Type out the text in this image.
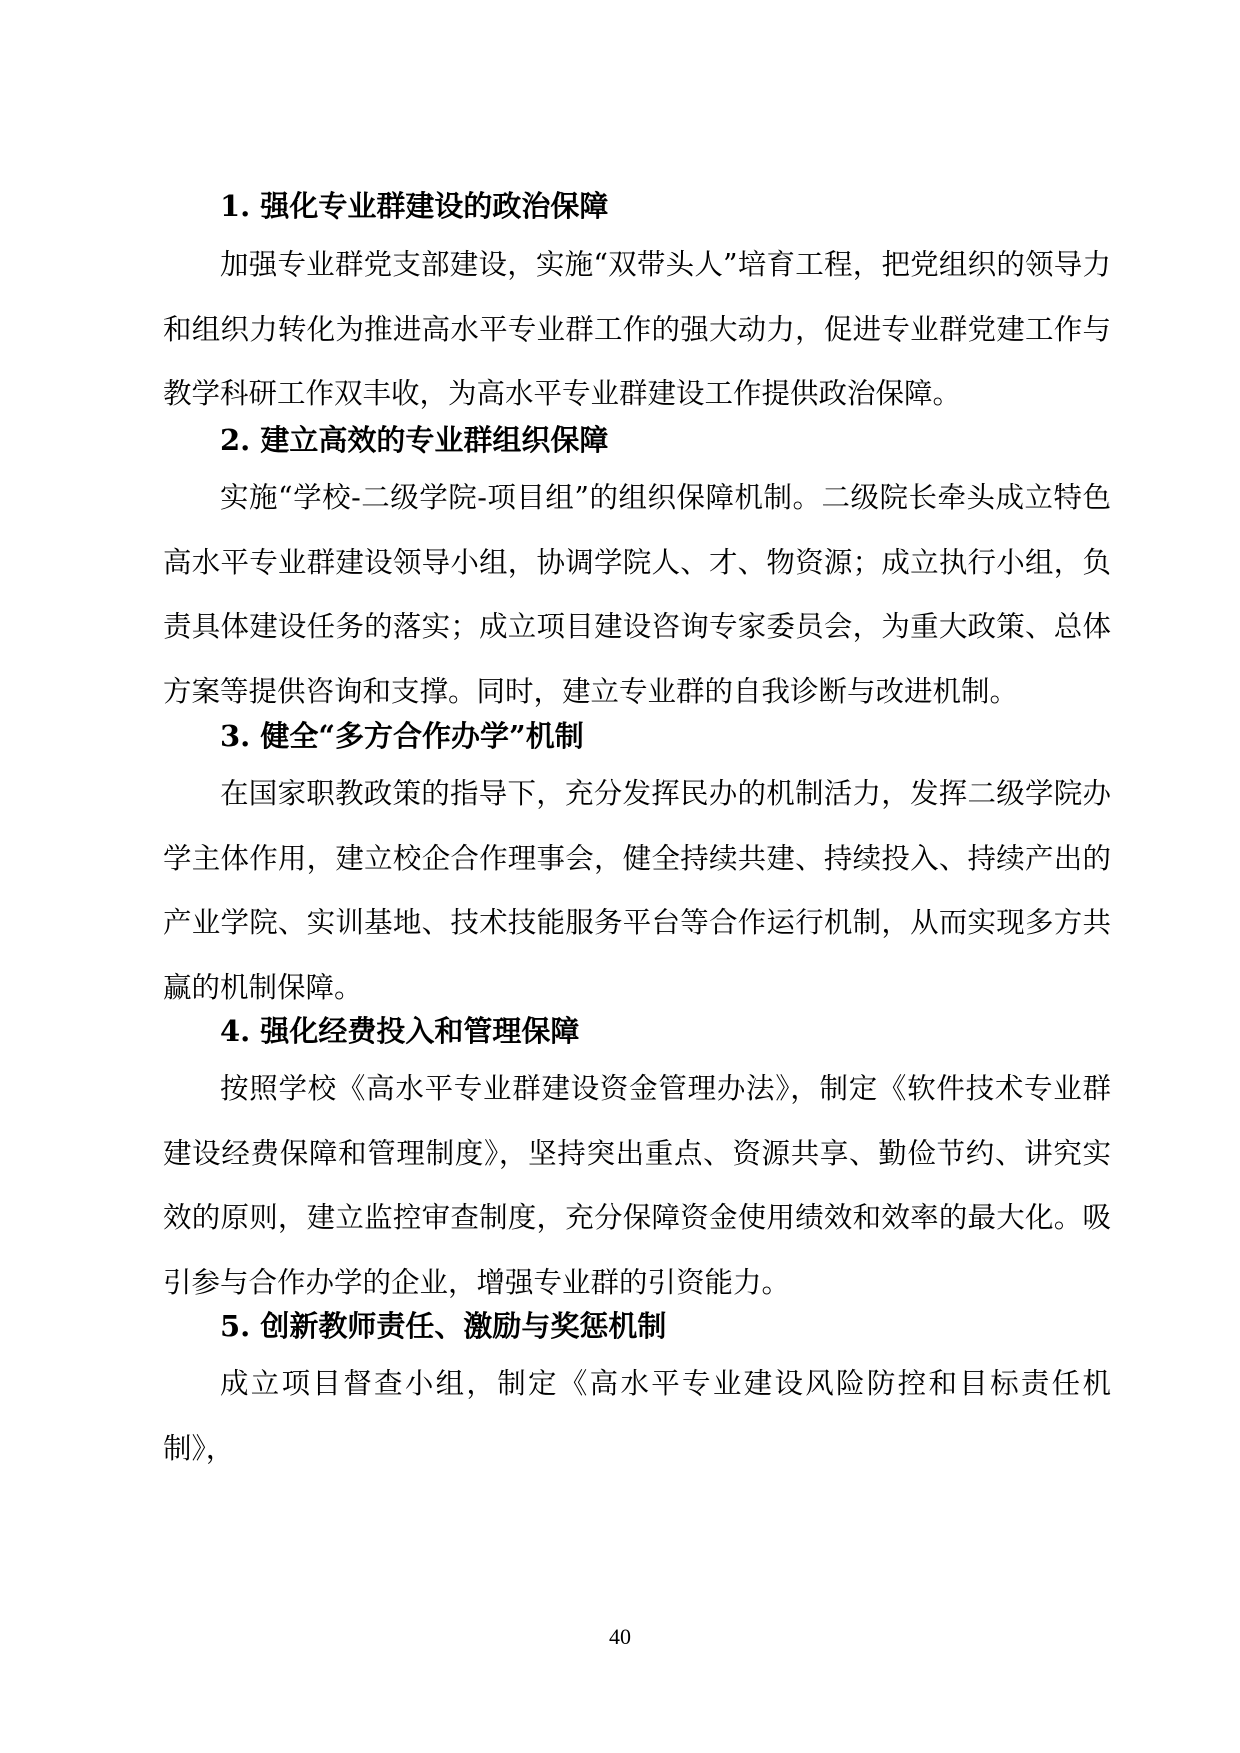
1. 强化专业群建设的政治保障
加强专业群党支部建设，实施“双带头人”培育工程，把党组织的领导力和组织力转化为推进高水平专业群工作的强大动力，促进专业群党建工作与教学科研工作双丰收，为高水平专业群建设工作提供政治保障。
2. 建立高效的专业群组织保障
实施“学校-二级学院-项目组”的组织保障机制。二级院长牵头成立特色高水平专业群建设领导小组，协调学院人、才、物资源；成立执行小组，负责具体建设任务的落实；成立项目建设咨询专家委员会，为重大政策、总体方案等提供咨询和支撑。同时，建立专业群的自我诊断与改进机制。
3. 健全“多方合作办学”机制
在国家职教政策的指导下，充分发挥民办的机制活力，发挥二级学院办学主体作用，建立校企合作理事会，健全持续共建、持续投入、持续产出的产业学院、实训基地、技术技能服务平台等合作运行机制，从而实现多方共赢的机制保障。
4. 强化经费投入和管理保障
按照学校《高水平专业群建设资金管理办法》，制定《软件技术专业群建设经费保障和管理制度》，坚持突出重点、资源共享、勤俭节约、讲究实效的原则，建立监控审查制度，充分保障资金使用绩效和效率的最大化。吸引参与合作办学的企业，增强专业群的引资能力。
5. 创新教师责任、激励与奖惩机制
成立项目督查小组，制定《高水平专业建设风险防控和目标责任机制》，
40
